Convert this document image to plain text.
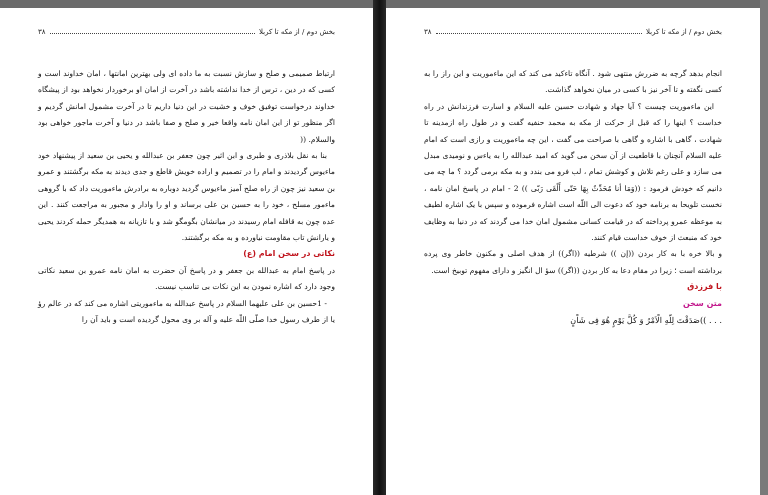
بخش دوم / از مکه تا کربلا
۳۸

ارتباط صمیمی و صلح و سازش نسبت به ما داده ای ولی بهترین امانتها ، امان خداوند است و کسی که در دین ، ترس از خدا نداشته باشد در آخرت از امان او برخوردار نخواهد بود از پیشگاه خداوند درخواست توفیق خوف و خشیت در این دنیا داریم تا در آخرت مشمول امانش گردیم و اگر منظور تو از این امان نامه واقعا خیر و صلح و صفا باشد در دنیا و آخرت ماجور خواهی بود والسلام. ((

بنا به نقل بلاذری و طبری و ابن اثیر چون جعفر بن عبدالله و یحیی بن سعید از پیشنهاد خود ماءیوس گردیدند و امام را در تصمیم و اراده خویش قاطع و جدی دیدند به مکه برگشتند و عمرو بن سعید نیز چون از راه صلح آمیز ماءیوس گردید دوباره به برادرش ماءموریت داد که با گروهی ماءمور مسلح ، خود را به حسین بن علی برساند و او را وادار و مجبور به مراجعت کنند . این عده چون به قافله امام رسیدند در میانشان بگومگو شد و با تازیانه به همدیگر حمله کردند یحیی و یارانش تاب مقاومت نیاورده و به مکه برگشتند.

نکاتی در سخن امام (ع)

در پاسخ امام به عبدالله بن جعفر و در پاسخ آن حضرت به امان نامه عمرو بن سعید نکاتی وجود دارد که اشاره نمودن به این نکات بی تناسب نیست.

- 1حسین بن علی علیهما السلام در پاسخ عبدالله به ماءموریتی اشاره می کند که در عالم رؤ یا از طرف رسول خدا صلّی اللّه علیه و آله بر وی محول گردیده است و باید آن را

بخش دوم / از مکه تا کربلا
۳۸

انجام بدهد گرچه به ضررش منتهی شود . آنگاه تاءکید می کند که این ماءموریت و این راز را به کسی نگفته و تا آخر نیز با کسی در میان نخواهد گذاشت.

این ماءموریت چیست ؟ آیا جهاد و شهادت حسین علیه السلام و اسارت فرزندانش در راه خداست ؟ اینها را که قبل از حرکت از مکه به محمد حنفیه گفت و در طول راه ازمدینه تا شهادت ، گاهی با اشاره و گاهی با صراحت می گفت ، این چه ماءموریت و رازی است که امام علیه السلام آنچنان با قاطعیت از آن سخن می گوید که امید عبدالله را به یاءس و نومیدی مبدل می سازد و علی رغم تلاش و کوشش تمام ، لب فرو می بندد و به مکه برمی گردد ؟ ما چه می دانیم که خودش فرمود : ((وَمَا أنا مُحَدِّثٌ بِهَا حَتّی أَلْقَی رَبّی )) 2 - امام در پاسخ امان نامه ، نخست تلویحا به برنامه خود که دعوت الی اللّه است اشاره فرموده و سپس با یک اشاره لطیف به موعظه عمرو پرداخته که در قیامت کسانی مشمول امان خدا می گردند که در دنیا به وظایف خود که منبعث از خوف خداست قیام کنند.

و بالا خره با به کار بردن ((إن )) شرطیه ((اگر)) از هدف اصلی و مکنون خاطر وی پرده برداشته است ؛ زیرا در مقام دعا به کار بردن ((اگر)) سؤ ال انگیز و دارای مفهوم توبیخ است.

با فرزدق

متن سخن

. . . ))صَدَقْتَ لِلّهِ الْاَمْرُ وَ كُلَّ یَوْمٍ هُوَ فِی شَاْنٍ
